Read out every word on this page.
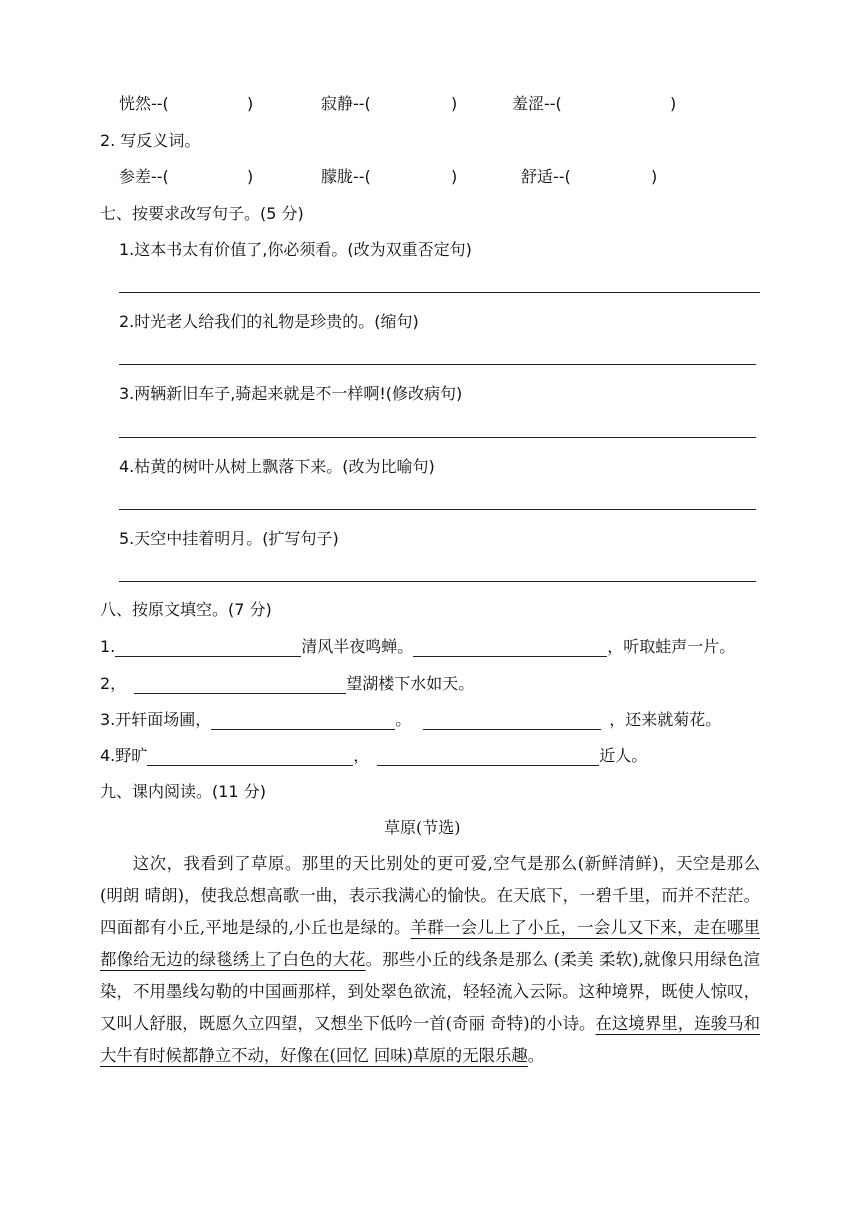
恍然--(	)	寂静--(	)	羞涩--(	)
2. 写反义词。
参差--(	)	朦胧--(	)	舒适--(	)
七、按要求改写句子。(5 分)
1.这本书太有价值了,你必须看。(改为双重否定句)
2.时光老人给我们的礼物是珍贵的。(缩句)
3.两辆新旧车子,骑起来就是不一样啊!(修改病句)
4.枯黄的树叶从树上飘落下来。(改为比喻句)
5.天空中挂着明月。(扩写句子)
八、按原文填空。(7 分)
1.	清风半夜鸣蝉。	，听取蛙声一片。
2，	望湖楼下水如天。
3.开轩面场圃，	。	，还来就菊花。
4.野旷	，	近人。
九、课内阅读。(11 分)
草原(节选)

这次，我看到了草原。那里的天比别处的更可爱,空气是那么(新鲜清鲜)，天空是那么(明朗 晴朗)，使我总想高歌一曲，表示我满心的愉快。在天底下，一碧千里，而并不茫茫。四面都有小丘,平地是绿的,小丘也是绿的。羊群一会儿上了小丘，一会儿又下来，走在哪里都像给无边的绿毯绣上了白色的大花。那些小丘的线条是那么 (柔美 柔软),就像只用绿色渲染，不用墨线勾勒的中国画那样，到处翠色欲流，轻轻流入云际。这种境界，既使人惊叹，又叫人舒服，既愿久立四望，又想坐下低吟一首(奇丽 奇特)的小诗。在这境界里，连骏马和大牛有时候都静立不动，好像在(回忆 回味)草原的无限乐趣。
